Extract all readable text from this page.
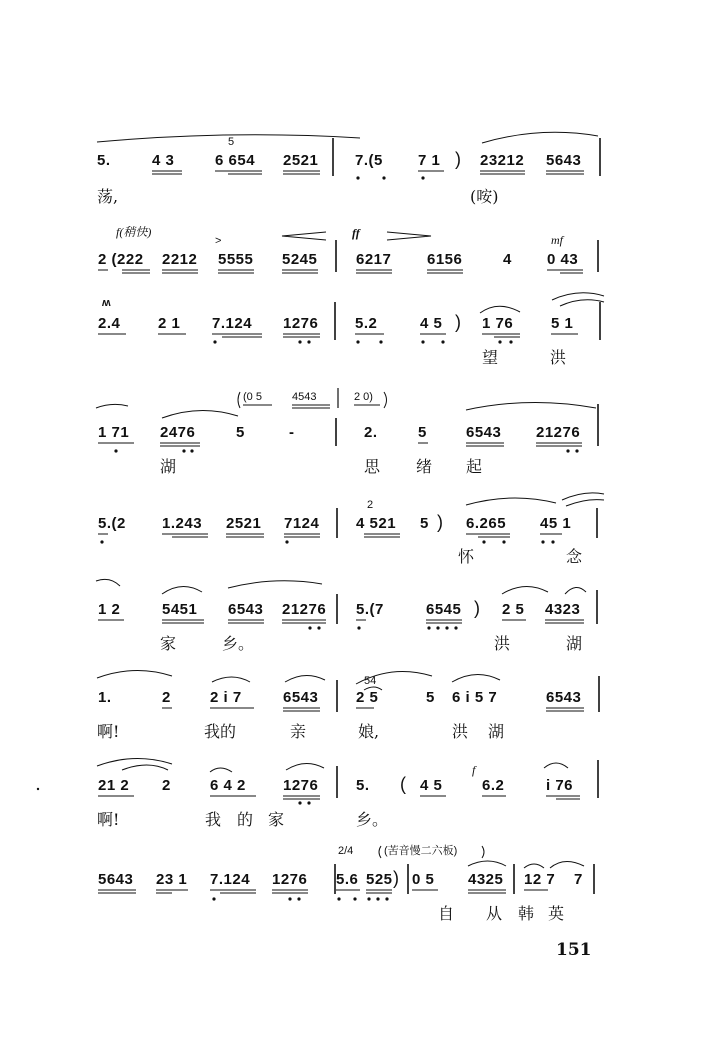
5.	4 3
5
6 654 2521 7.(5 7 1 ) 23212 5643
荡,	(咹)
f(稍快)
>
ff	mf
2 (222 2212 5555 5245	6217 6156	4 0 43
ʍ
2.4	2 1 7.124 1276 5.2	4 5 ) 1 76	5 1
望	洪
(0 5	4543	2 0)
1 71 2476	5	-	2.	5	6543 21276
湖	思 绪 起
2
5.(2 1.243 2521 7124 4 521 5 ) 6.265 45 1
怀	念
1 2	5451 6543 21276 5.(7	6545 ) 2 5 4323
家	乡。	洪	湖
54
1.	2	2 i 7	6543	2 5	5 6 i 5 7	6543
啊!	我的	亲	娘,	洪 湖
f
21 2 2	6 4 2 1276	5. ( 4 5	6.2	i 76
啊!	我 的 家	乡。
2/4	(苦音慢二六板)
5643 23 1 7.124 1276 5.6 525 ) 0 5 4325 12 7 7
自 从 韩 英
151
